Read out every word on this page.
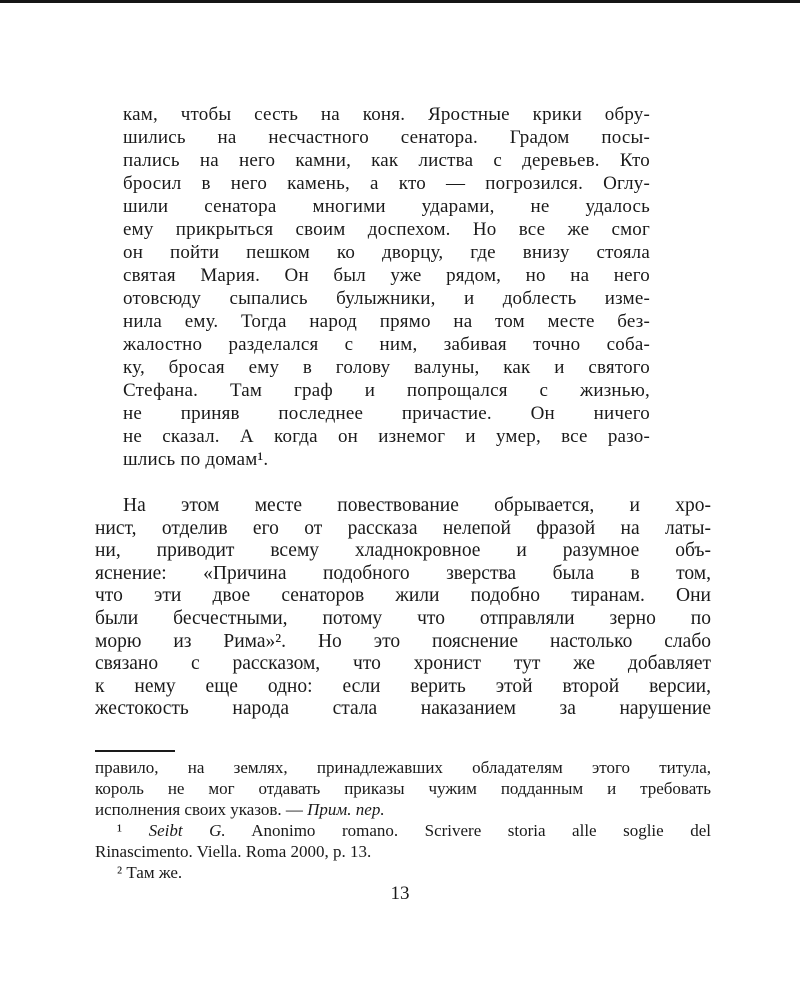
кам, чтобы сесть на коня. Яростные крики обру-
шились на несчастного сенатора. Градом посы-
пались на него камни, как листва с деревьев. Кто
бросил в него камень, а кто — погрозился. Оглу-
шили сенатора многими ударами, не удалось
ему прикрыться своим доспехом. Но все же смог
он пойти пешком ко дворцу, где внизу стояла
святая Мария. Он был уже рядом, но на него
отовсюду сыпались булыжники, и доблесть изме-
нила ему. Тогда народ прямо на том месте без-
жалостно разделался с ним, забивая точно соба-
ку, бросая ему в голову валуны, как и святого
Стефана. Там граф и попрощался с жизнью,
не приняв последнее причастие. Он ничего
не сказал. А когда он изнемог и умер, все разо-
шлись по домам¹.
На этом месте повествование обрывается, и хро-
нист, отделив его от рассказа нелепой фразой на латы-
ни, приводит всему хладнокровное и разумное объ-
яснение: «Причина подобного зверства была в том,
что эти двое сенаторов жили подобно тиранам. Они
были бесчестными, потому что отправляли зерно по
морю из Рима»². Но это пояснение настолько слабо
связано с рассказом, что хронист тут же добавляет
к нему еще одно: если верить этой второй версии,
жестокость народа стала наказанием за нарушение
правило, на землях, принадлежавших обладателям этого титула,
король не мог отдавать приказы чужим подданным и требовать
исполнения своих указов. — Прим. пер.
¹ Seibt G. Anonimo romano. Scrivere storia alle soglie del
Rinascimento. Viella. Roma 2000, p. 13.
² Там же.
13
